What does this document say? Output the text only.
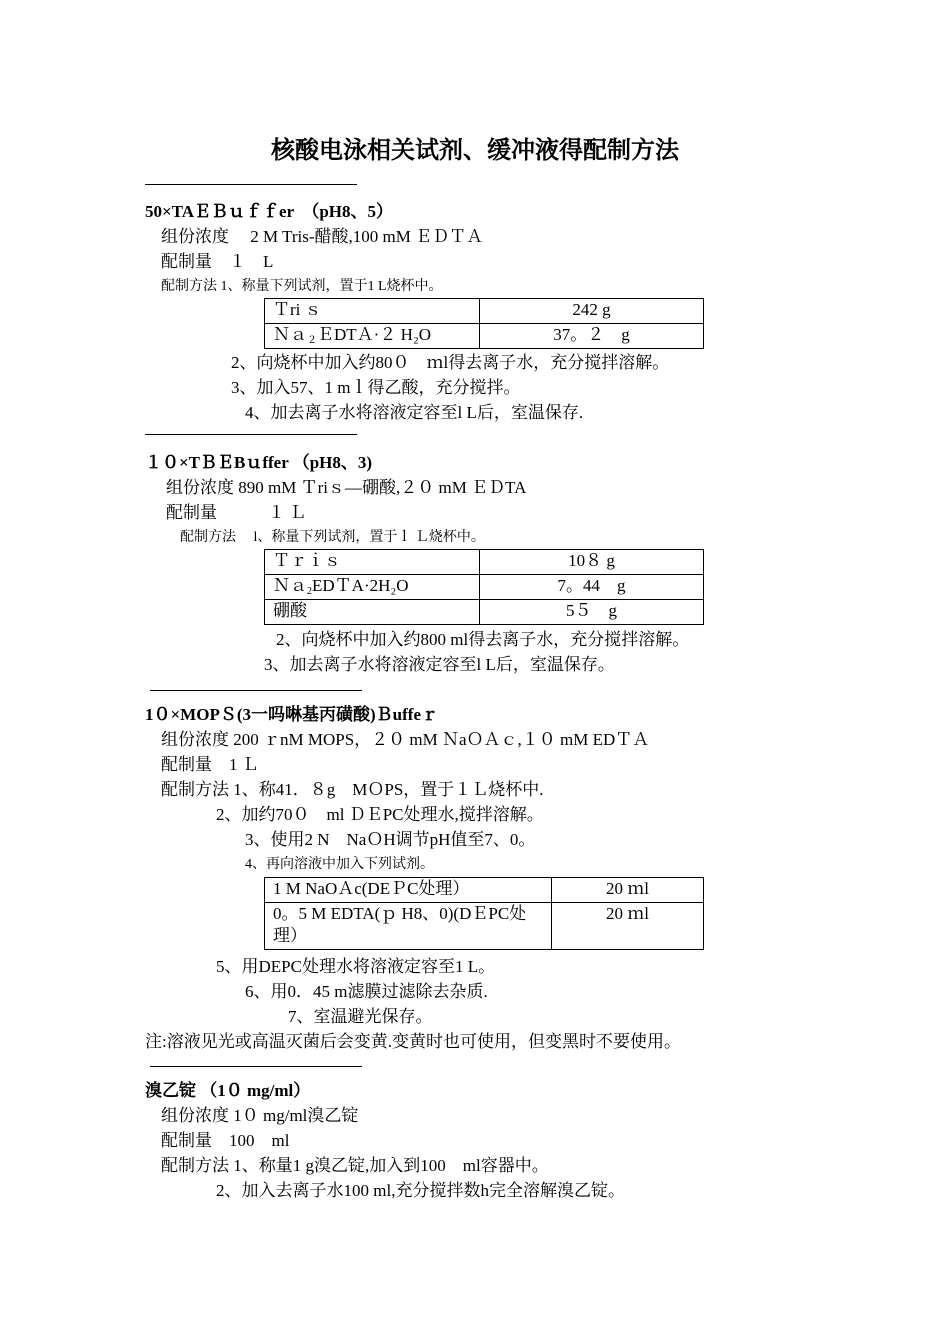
核酸电泳相关试剂、缓冲液得配制方法
50×TAＥＢｕｆｆer　（pH8、5）
组份浓度　 2 M Tris-醋酸,100 mM ＥＤＴＡ
配制量　１　L
配制方法 1、称量下列试剂，置于1 L烧杯中。
Ｔri ｓ	242 g
Ｎａ$_2$ＥDTＡ·２ H₂O	37。２　g
2、向烧杯中加入约80０　ｍl得去离子水，充分搅拌溶解。
3、加入57、1 mｌ得乙酸，充分搅拌。
4、加去离子水将溶液定容至l L后，室温保存.
１０×TＢＥBｕffer （pH8、3)
组份浓度 890 mM Ｔriｓ—硼酸,２０ mM ＥＤTA
配制量　　　１ Ｌ
配制方法　 l、称量下列试剂，置于ｌ Ｌ烧杯中。
Ｔｒｉｓ	10８ g
Ｎａ$_2$EDＴA·2H₂O	7。44　g
硼酸	5５　g
2、向烧杯中加入约800 ml得去离子水，充分搅拌溶解。
3、加去离子水将溶液定容至l L后，室温保存。
1０×MOPＳ(3一吗啉基丙磺酸)Ｂuffeｒ
组份浓度 200 ｒnM MOPS，２０ mM ＮaＯＡｃ,１０ mM EDＴＡ
配制量　1 Ｌ
配制方法 1、称41．８g　MＯPS，置于１Ｌ烧杯中.
2、加约70０　ml ＤＥPC处理水,搅拌溶解。
3、使用2 N　NaＯH调节pH值至7、0。
4、再向溶液中加入下列试剂。
1 M NaOＡc(DEＰC处理）	20 ｍl
0。5 M EDTA(ｐ H8、0)(DＥPC处理）	20 ｍl
5、用DEPC处理水将溶液定容至1 L。
6、用0．45 m滤膜过滤除去杂质.
7、室温避光保存。
注:溶液见光或高温灭菌后会变黄.变黄时也可使用，但变黑时不要使用。
溴乙锭 （1０ mg/ml）
组份浓度 1０ mg/ml溴乙锭
配制量　100　ml
配制方法 1、称量1 g溴乙锭,加入到100　ml容器中。
2、加入去离子水100 ml,充分搅拌数h完全溶解溴乙锭。
